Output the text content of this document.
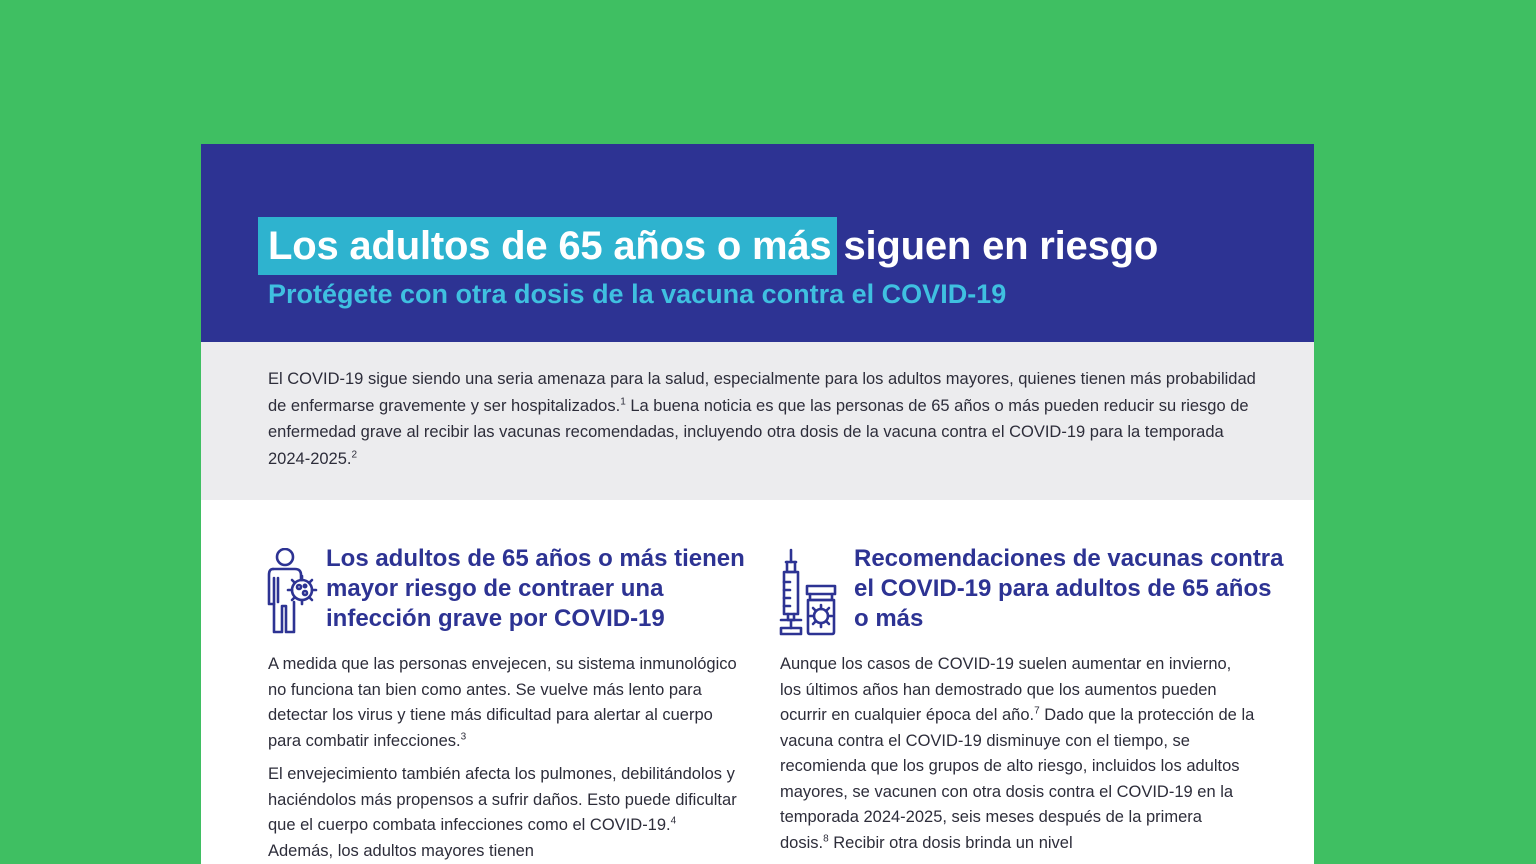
Los adultos de 65 años o más siguen en riesgo
Protégete con otra dosis de la vacuna contra el COVID-19

El COVID-19 sigue siendo una seria amenaza para la salud, especialmente para los adultos mayores, quienes tienen más probabilidad de enfermarse gravemente y ser hospitalizados.$^1$ La buena noticia es que las personas de 65 años o más pueden reducir su riesgo de enfermedad grave al recibir las vacunas recomendadas, incluyendo otra dosis de la vacuna contra el COVID-19 para la temporada 2024-2025.$^2$

Los adultos de 65 años o más tienen mayor riesgo de contraer una infección grave por COVID-19

A medida que las personas envejecen, su sistema inmunológico no funciona tan bien como antes. Se vuelve más lento para detectar los virus y tiene más dificultad para alertar al cuerpo para combatir infecciones.$^3$

El envejecimiento también afecta los pulmones, debilitándolos y haciéndolos más propensos a sufrir daños. Esto puede dificultar que el cuerpo combata infecciones como el COVID-19.$^4$ Además, los adultos mayores tienen

Recomendaciones de vacunas contra el COVID-19 para adultos de 65 años o más

Aunque los casos de COVID-19 suelen aumentar en invierno, los últimos años han demostrado que los aumentos pueden ocurrir en cualquier época del año.$^7$ Dado que la protección de la vacuna contra el COVID-19 disminuye con el tiempo, se recomienda que los grupos de alto riesgo, incluidos los adultos mayores, se vacunen con otra dosis contra el COVID-19 en la temporada 2024-2025, seis meses después de la primera dosis.$^8$ Recibir otra dosis brinda un nivel
